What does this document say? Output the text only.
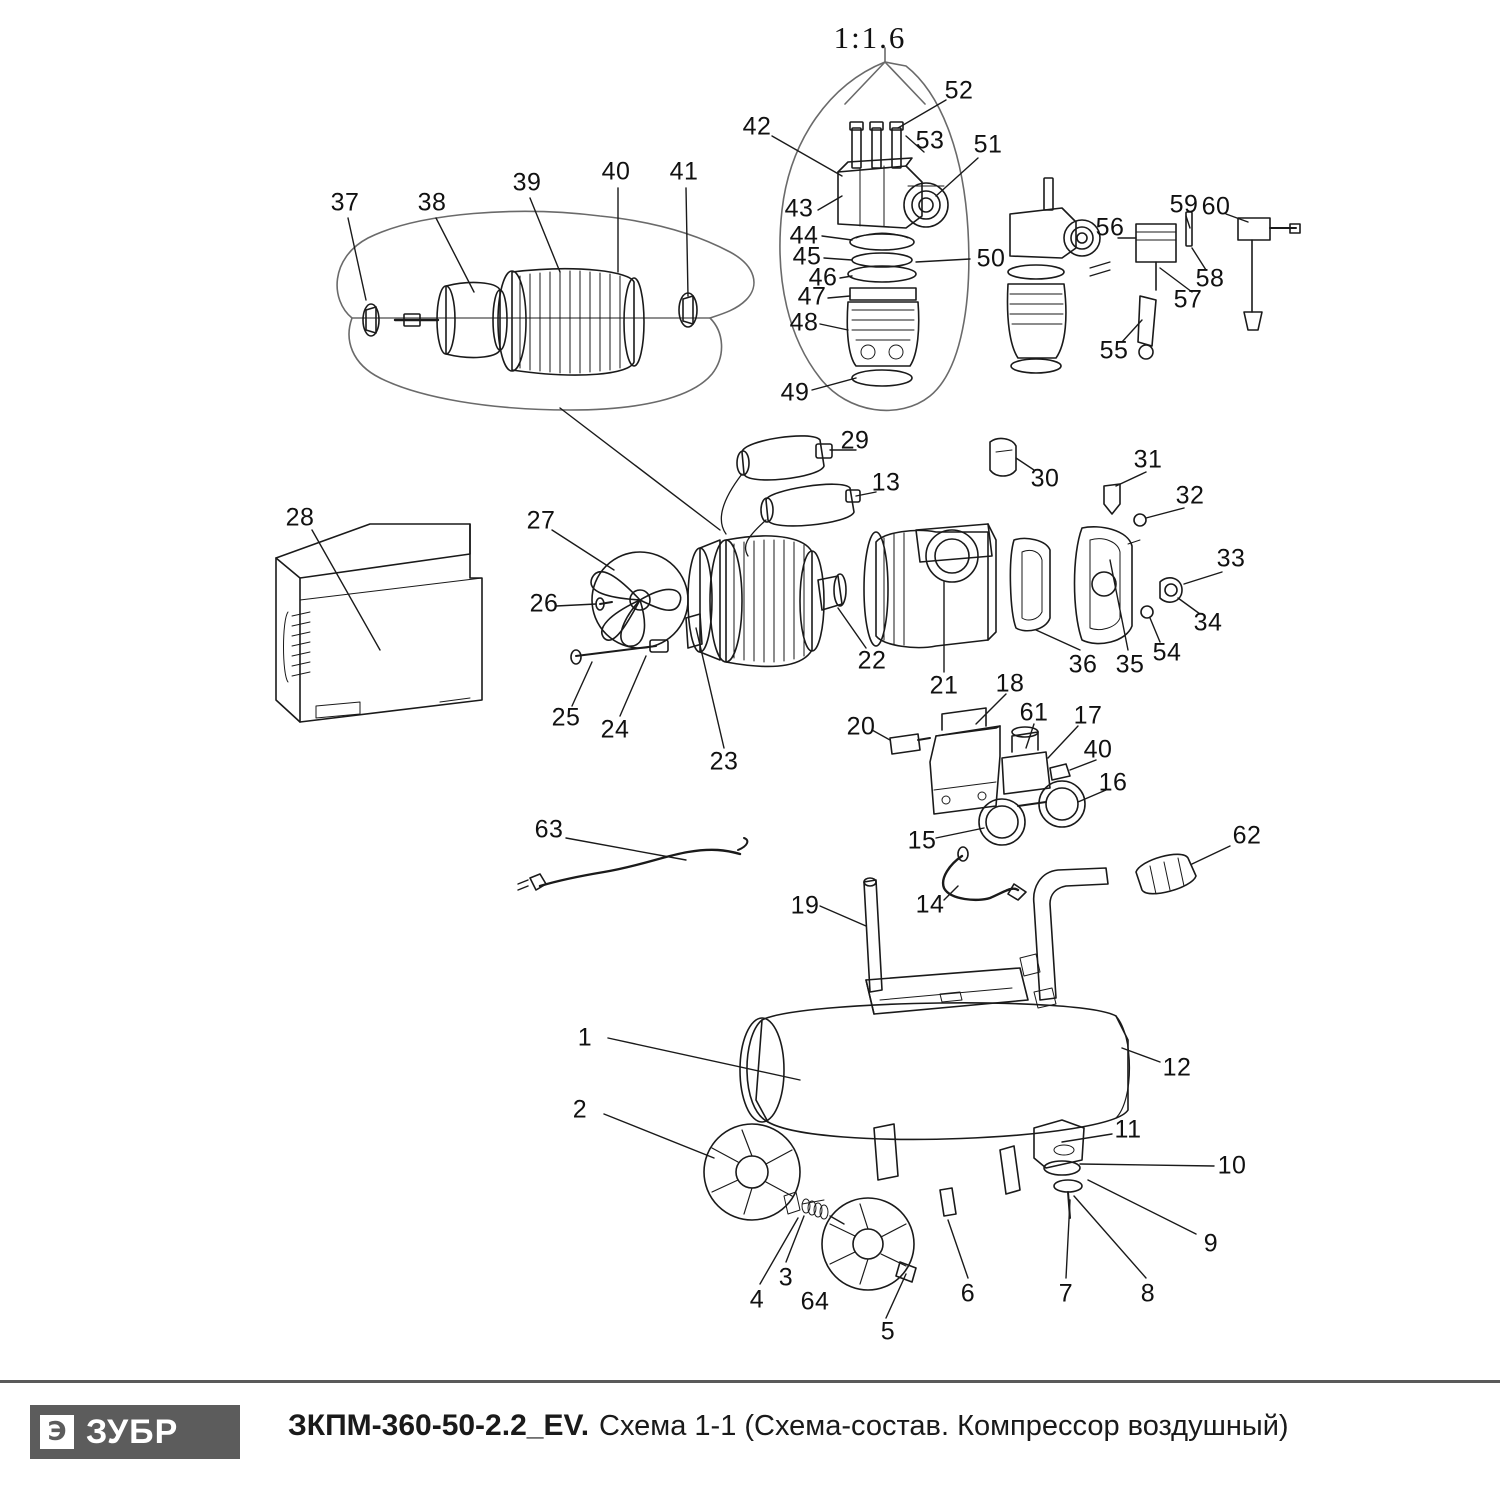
1:1.6
1
2
3
4
5
6	7	8
9
10
11
12
13
14
15
16
17
18
19
20
21
22
23
24
25
26
27
28
29
30
31
32
33
34
35
36
37 38
39 40 41
42
43
44
45
46
47
48
49
50
51
52
53
54
55
56
57
58
59 60
61
62
63
64
40
Э ЗУБР	ЗКПМ-360-50-2.2_EV. Схема 1-1 (Схема-состав. Компрессор воздушный)
